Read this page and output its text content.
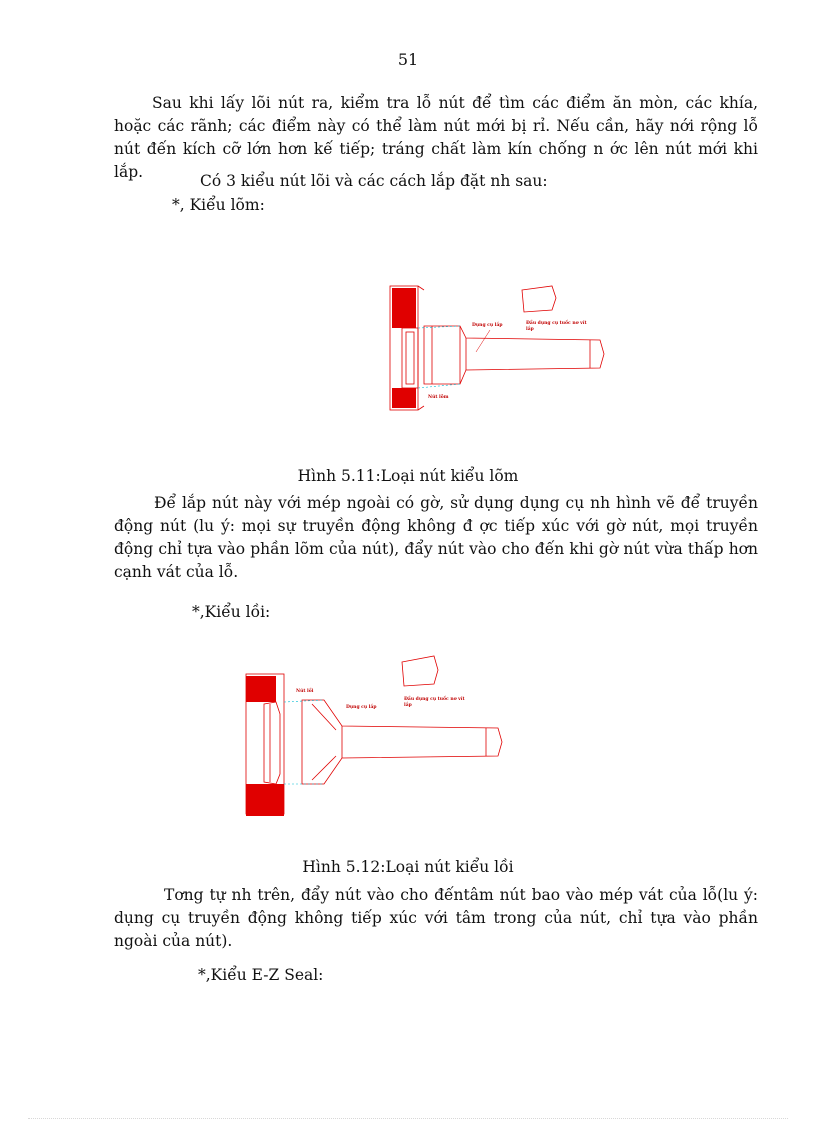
51

Sau khi lấy lõi nút ra, kiểm tra lỗ nút để tìm các điểm ăn mòn, các khía, hoặc các rãnh; các điểm này có thể làm nút mới bị rỉ. Nếu cần, hãy nới rộng lỗ nút đến kích cỡ lớn hơn kế tiếp; tráng chất làm kín chống n ớc lên nút mới khi lắp.	Có 3 kiểu nút lõi và các cách lắp đặt nh sau:
*, Kiểu lõm:
Dụng cụ lắp	Đầu dụng cụ tuốc nơ vít
lắp
Nút lõm
Hình 5.11:Loại nút kiểu lõm

Để lắp nút này với mép ngoài có gờ, sử dụng dụng cụ nh hình vẽ để truyền động nút (lu ý: mọi sự truyền động không đ ợc tiếp xúc với gờ nút, mọi truyền động chỉ tựa vào phần lõm của nút), đẩy nút vào cho đến khi gờ nút vừa thấp hơn cạnh vát của lỗ.

*,Kiểu lồi:
Nút lồi
Dụng cụ lắp
Đầu dụng cụ tuốc nơ vít
lắp
Hình 5.12:Loại nút kiểu lồi

Tơng tự nh trên, đẩy nút vào cho đếntâm nút bao vào mép vát của lỗ(lu ý: dụng cụ truyền động không tiếp xúc với tâm trong của nút, chỉ tựa vào phần ngoài của nút).

*,Kiểu E-Z Seal:
